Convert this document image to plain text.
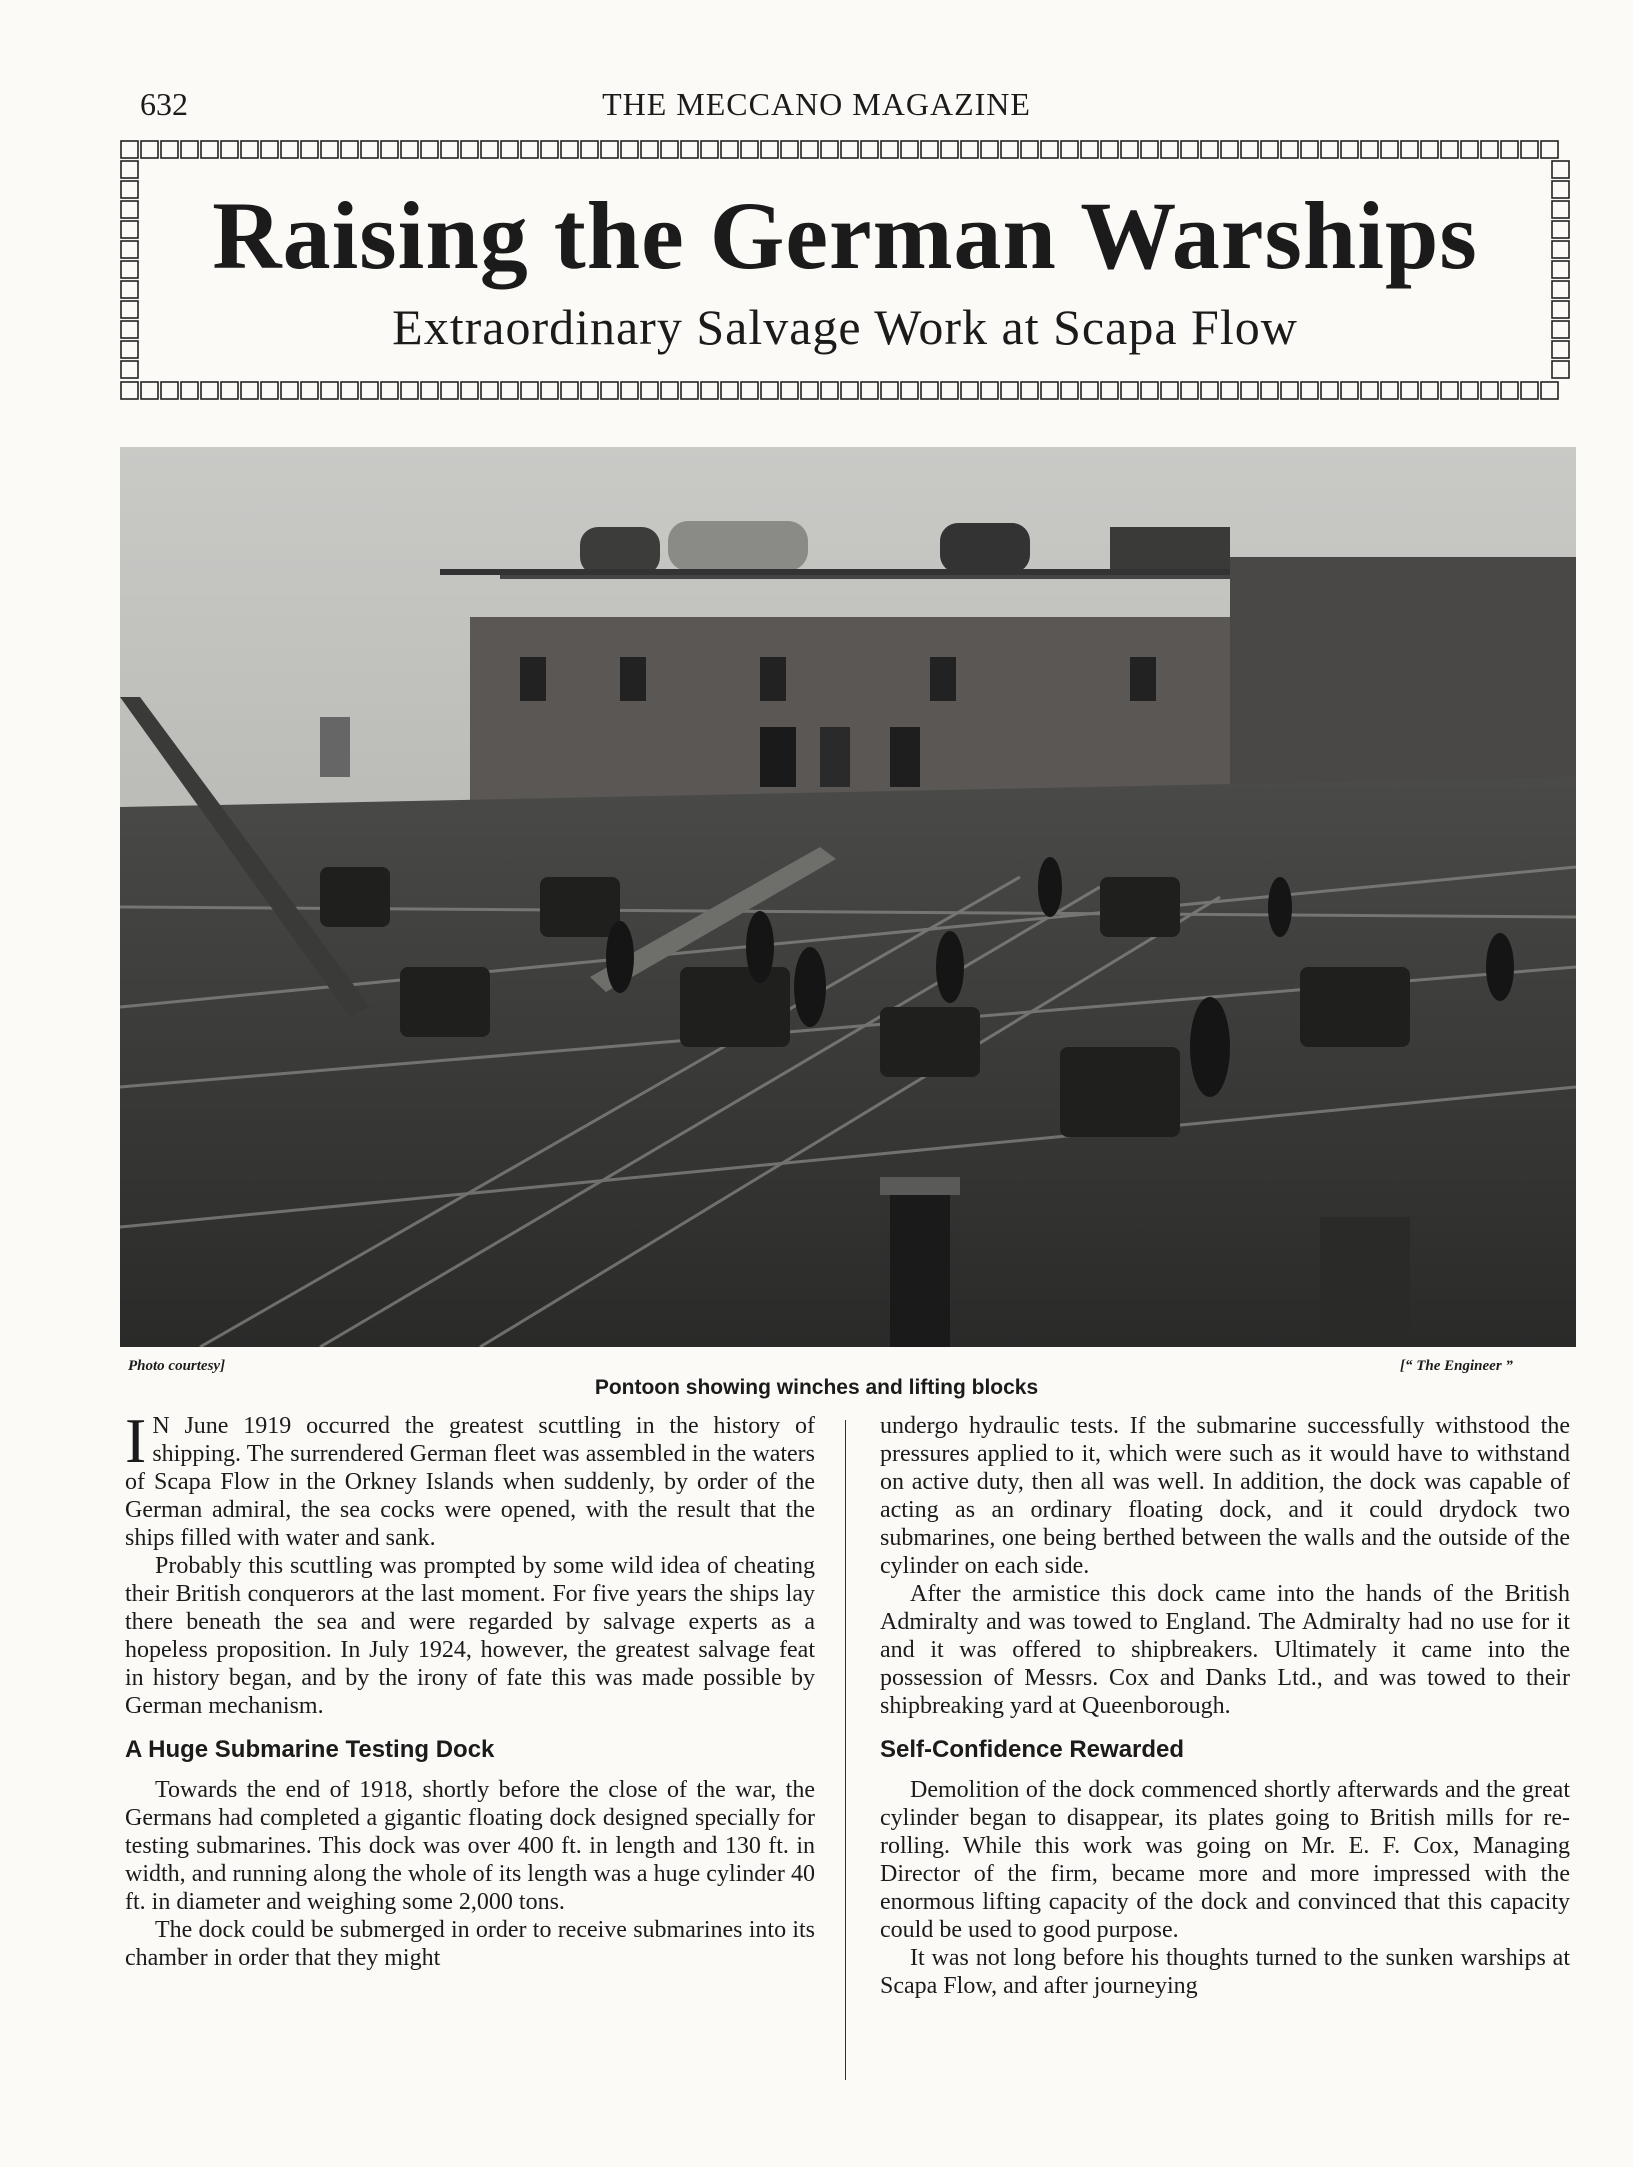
632	THE MECCANO MAGAZINE
Raising the German Warships
Extraordinary Salvage Work at Scapa Flow
Photo courtesy]	[“ The Engineer ”
Pontoon showing winches and lifting blocks

I N June 1919 occurred the greatest scuttling in the history of shipping. The surrendered German fleet was assembled in the waters of Scapa Flow in the Orkney Islands when suddenly, by order of the German admiral, the sea cocks were opened, with the result that the ships filled with water and sank.

Probably this scuttling was prompted by some wild idea of cheating their British conquerors at the last moment. For five years the ships lay there beneath the sea and were regarded by salvage experts as a hopeless proposition. In July 1924, however, the greatest salvage feat in history began, and by the irony of fate this was made possible by German mechanism.

A Huge Submarine Testing Dock

Towards the end of 1918, shortly before the close of the war, the Germans had completed a gigantic floating dock designed specially for testing submarines. This dock was over 400 ft. in length and 130 ft. in width, and running along the whole of its length was a huge cylinder 40 ft. in diameter and weighing some 2,000 tons.

The dock could be submerged in order to receive submarines into its chamber in order that they might

undergo hydraulic tests. If the submarine successfully withstood the pressures applied to it, which were such as it would have to withstand on active duty, then all was well. In addition, the dock was capable of acting as an ordinary floating dock, and it could drydock two submarines, one being berthed between the walls and the outside of the cylinder on each side.

After the armistice this dock came into the hands of the British Admiralty and was towed to England. The Admiralty had no use for it and it was offered to shipbreakers. Ultimately it came into the possession of Messrs. Cox and Danks Ltd., and was towed to their shipbreaking yard at Queenborough.

Self-Confidence Rewarded

Demolition of the dock commenced shortly afterwards and the great cylinder began to disappear, its plates going to British mills for re-rolling. While this work was going on Mr. E. F. Cox, Managing Director of the firm, became more and more impressed with the enormous lifting capacity of the dock and convinced that this capacity could be used to good purpose.

It was not long before his thoughts turned to the sunken warships at Scapa Flow, and after journeying
